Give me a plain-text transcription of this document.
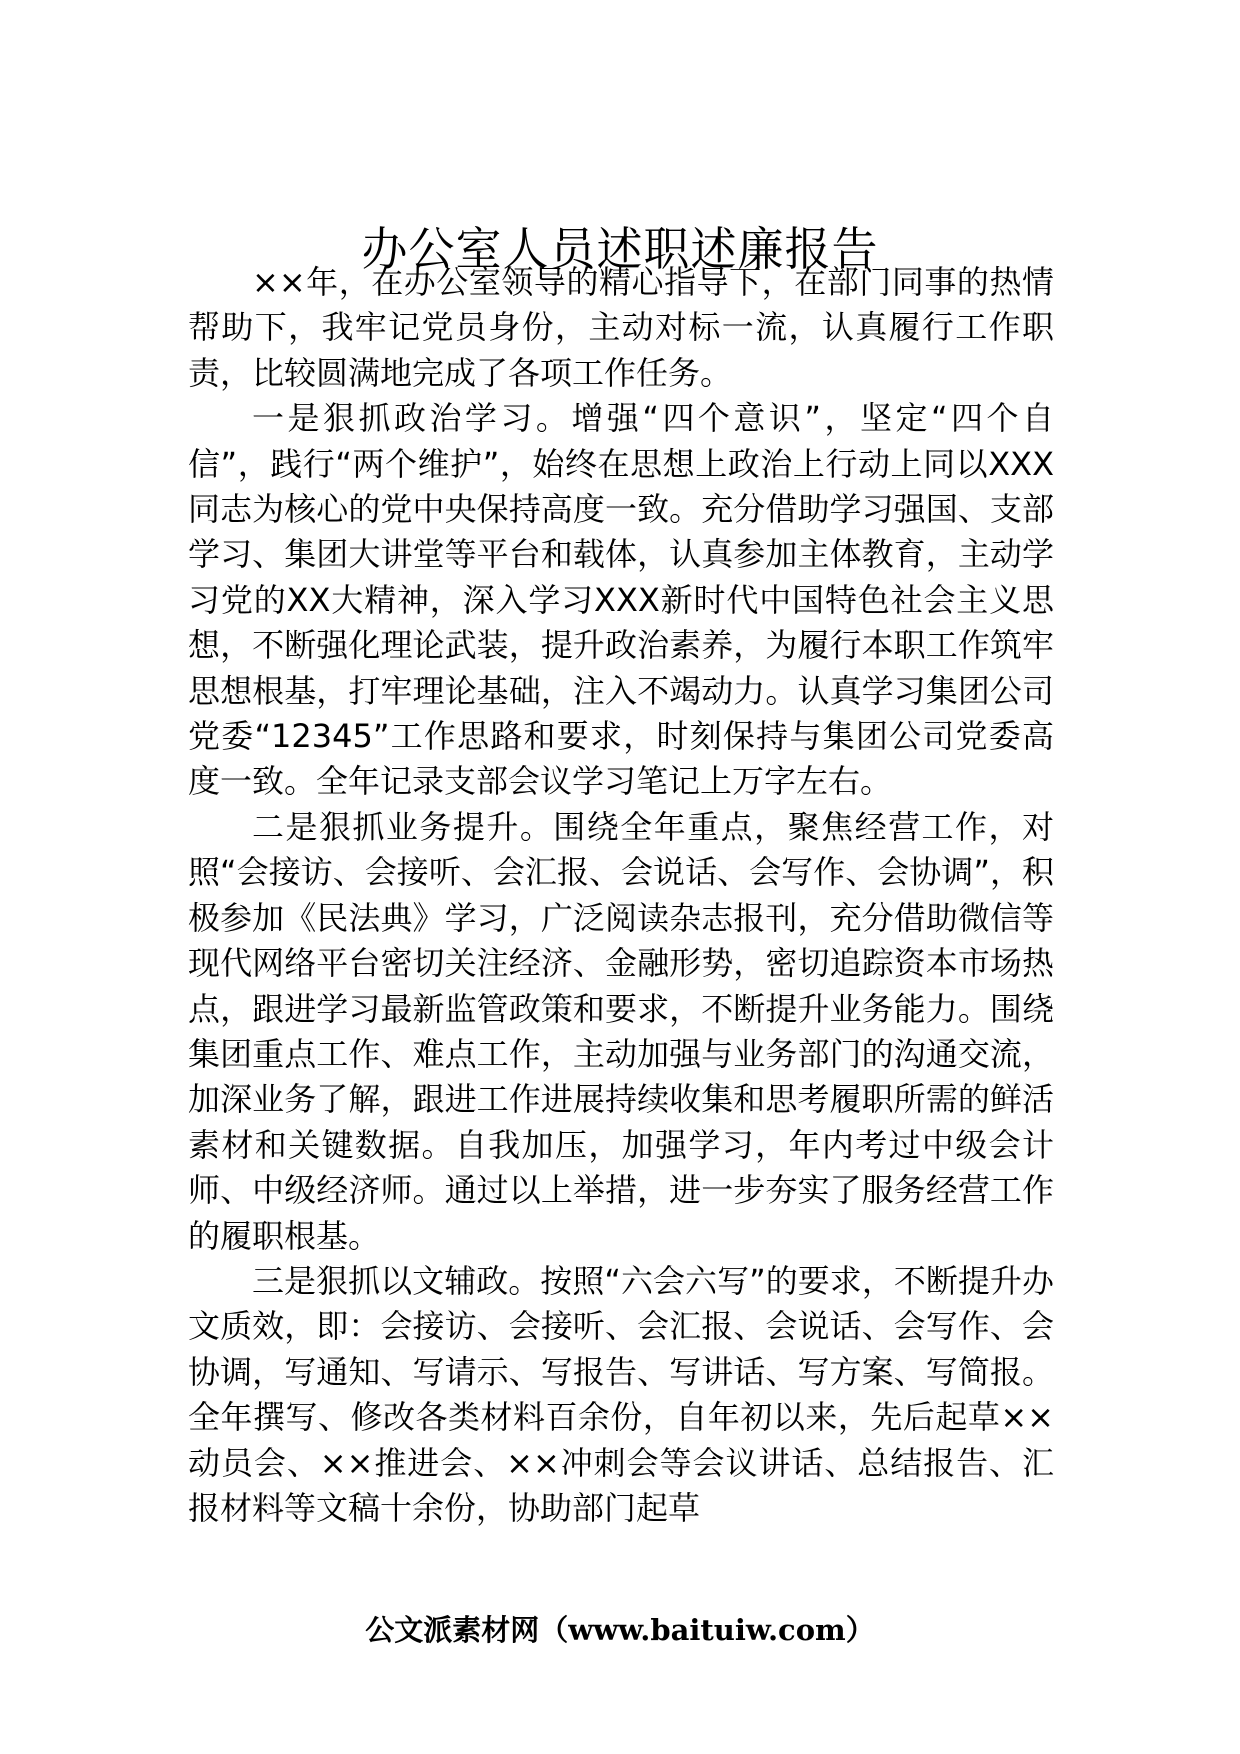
办公室人员述职述廉报告

××年，在办公室领导的精心指导下，在部门同事的热情帮助下，我牢记党员身份，主动对标一流，认真履行工作职责，比较圆满地完成了各项工作任务。

一是狠抓政治学习。增强“四个意识”，坚定“四个自信”，践行“两个维护”，始终在思想上政治上行动上同以XXX同志为核心的党中央保持高度一致。充分借助学习强国、支部学习、集团大讲堂等平台和载体，认真参加主体教育，主动学习党的XX大精神，深入学习XXX新时代中国特色社会主义思想，不断强化理论武装，提升政治素养，为履行本职工作筑牢思想根基，打牢理论基础，注入不竭动力。认真学习集团公司党委“12345”工作思路和要求，时刻保持与集团公司党委高度一致。全年记录支部会议学习笔记上万字左右。

二是狠抓业务提升。围绕全年重点，聚焦经营工作，对照“会接访、会接听、会汇报、会说话、会写作、会协调”，积极参加《民法典》学习，广泛阅读杂志报刊，充分借助微信等现代网络平台密切关注经济、金融形势，密切追踪资本市场热点，跟进学习最新监管政策和要求，不断提升业务能力。围绕集团重点工作、难点工作，主动加强与业务部门的沟通交流，加深业务了解，跟进工作进展持续收集和思考履职所需的鲜活素材和关键数据。自我加压，加强学习，年内考过中级会计师、中级经济师。通过以上举措，进一步夯实了服务经营工作的履职根基。

三是狠抓以文辅政。按照“六会六写”的要求，不断提升办文质效，即：会接访、会接听、会汇报、会说话、会写作、会协调，写通知、写请示、写报告、写讲话、写方案、写简报。全年撰写、修改各类材料百余份，自年初以来，先后起草××动员会、××推进会、××冲刺会等会议讲话、总结报告、汇报材料等文稿十余份，协助部门起草

公文派素材网（www.baituiw.com）
